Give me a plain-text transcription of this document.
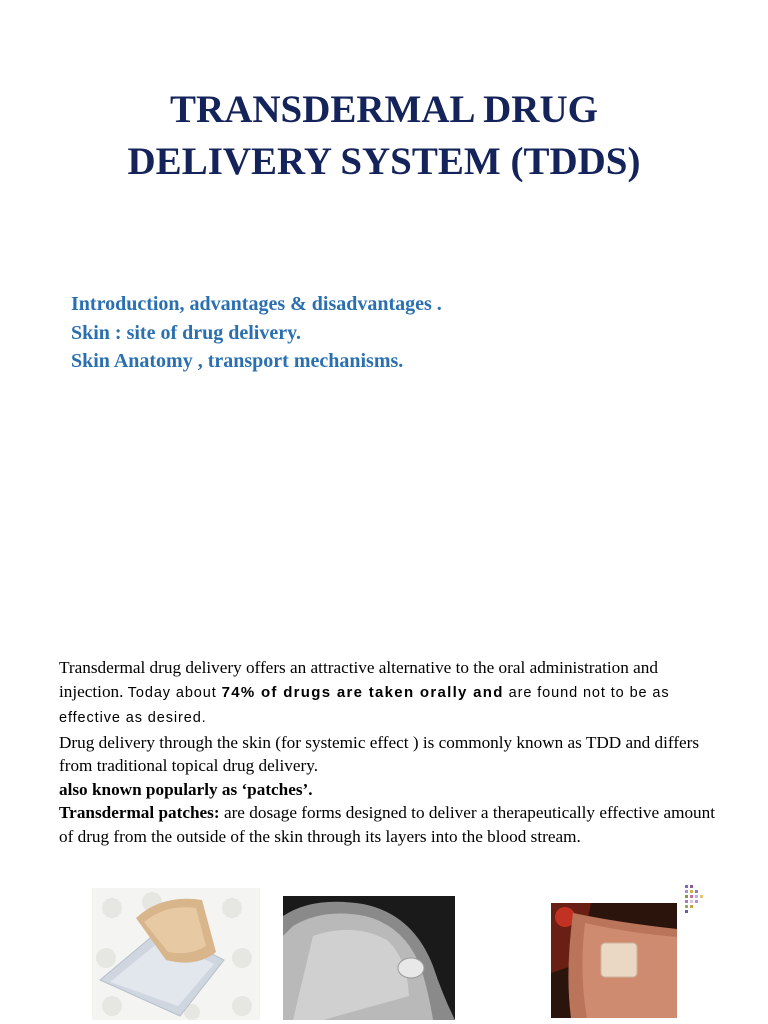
TRANSDERMAL DRUG
DELIVERY SYSTEM (TDDS)
Introduction, advantages & disadvantages .
Skin : site of drug delivery.
Skin Anatomy , transport mechanisms.

Transdermal drug delivery offers an attractive alternative to the oral administration and injection. Today about 74% of drugs are taken orally and are found not to be as effective as desired.

Drug delivery through the skin (for systemic effect ) is commonly known as TDD and differs from traditional topical drug delivery.

also known popularly as ‘patches’.

Transdermal patches: are dosage forms designed to deliver a therapeutically effective amount of drug from the outside of the skin through its layers into the blood stream.
